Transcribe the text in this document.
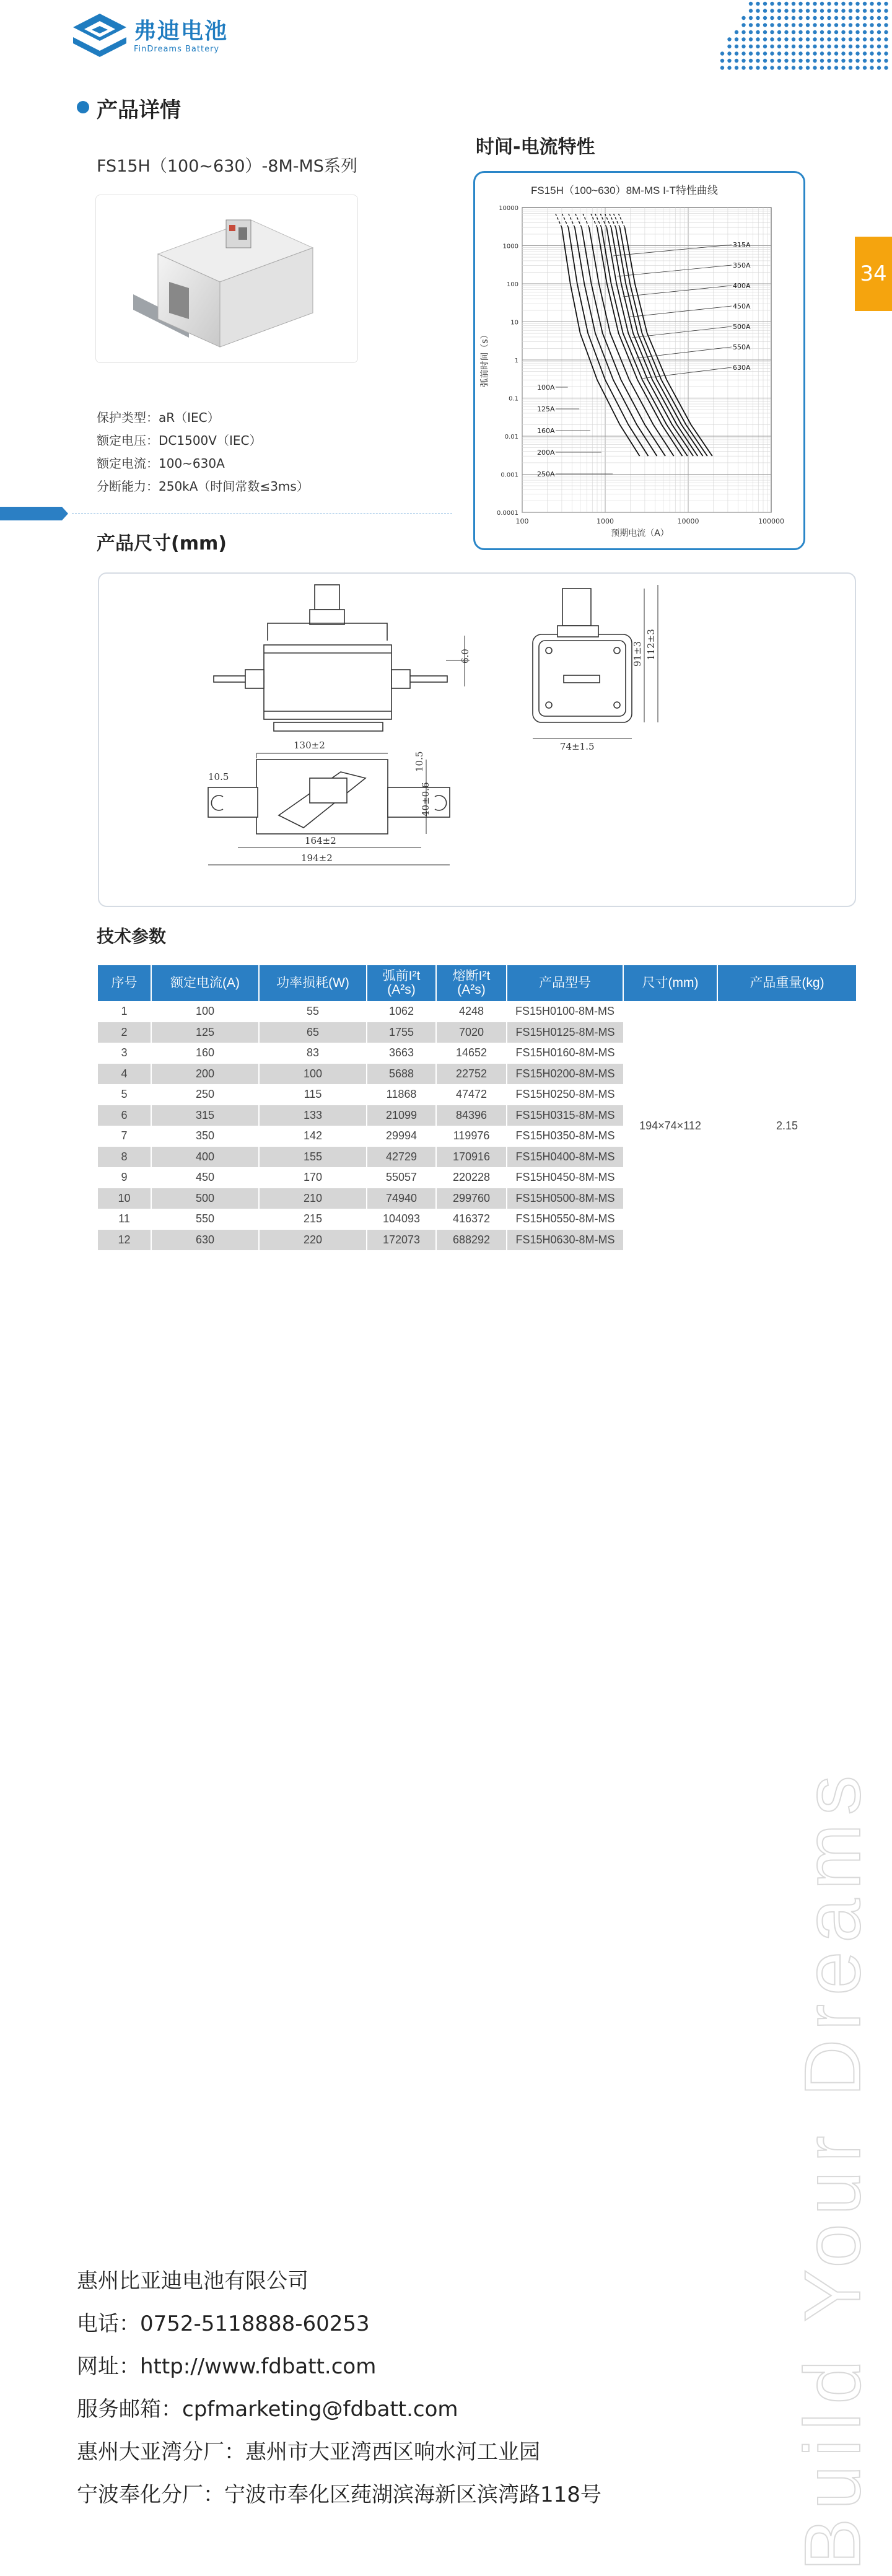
弗迪电池
FinDreams Battery
34
产品详情
FS15H（100~630）-8M-MS系列
保护类型：aR（IEC）
额定电压：DC1500V（IEC）
额定电流：100~630A
分断能力：250kA（时间常数≤3ms）
时间-电流特性
FS15H（100~630）8M-MS I-T特性曲线
100	1000	10000	100000
10000
1000
100
10
1
0.1
0.01
0.001
0.0001
100A
125A
160A
200A
250A
315A
350A
400A
450A
500A
550A
630A
预期电流（A）
弧前时间（s）
产品尺寸(mm)
6.0	91±3 112±3
74±1.5
130±2
10.5
10.5
40±0.6
164±2
194±2
技术参数
序号	额定电流(A)	功率损耗(W)	弧前I²t
(A²s)	熔断I²t
(A²s)	产品型号	尺寸(mm)	产品重量(kg)
1	100	55	1062	4248	FS15H0100-8M-MS	194×74×112	2.15
2	125	65	1755	7020	FS15H0125-8M-MS		
3	160	83	3663	14652	FS15H0160-8M-MS		
4	200	100	5688	22752	FS15H0200-8M-MS		
5	250	115	11868	47472	FS15H0250-8M-MS		
6	315	133	21099	84396	FS15H0315-8M-MS		
7	350	142	29994	119976	FS15H0350-8M-MS		
8	400	155	42729	170916	FS15H0400-8M-MS		
9	450	170	55057	220228	FS15H0450-8M-MS		
10	500	210	74940	299760	FS15H0500-8M-MS		
11	550	215	104093	416372	FS15H0550-8M-MS		
12	630	220	172073	688292	FS15H0630-8M-MS		
惠州比亚迪电池有限公司
电话：0752-5118888-60253
网址：http://www.fdbatt.com
服务邮箱：cpfmarketing@fdbatt.com
惠州大亚湾分厂：惠州市大亚湾西区响水河工业园
宁波奉化分厂：宁波市奉化区莼湖滨海新区滨湾路118号 Build Your Dreams
